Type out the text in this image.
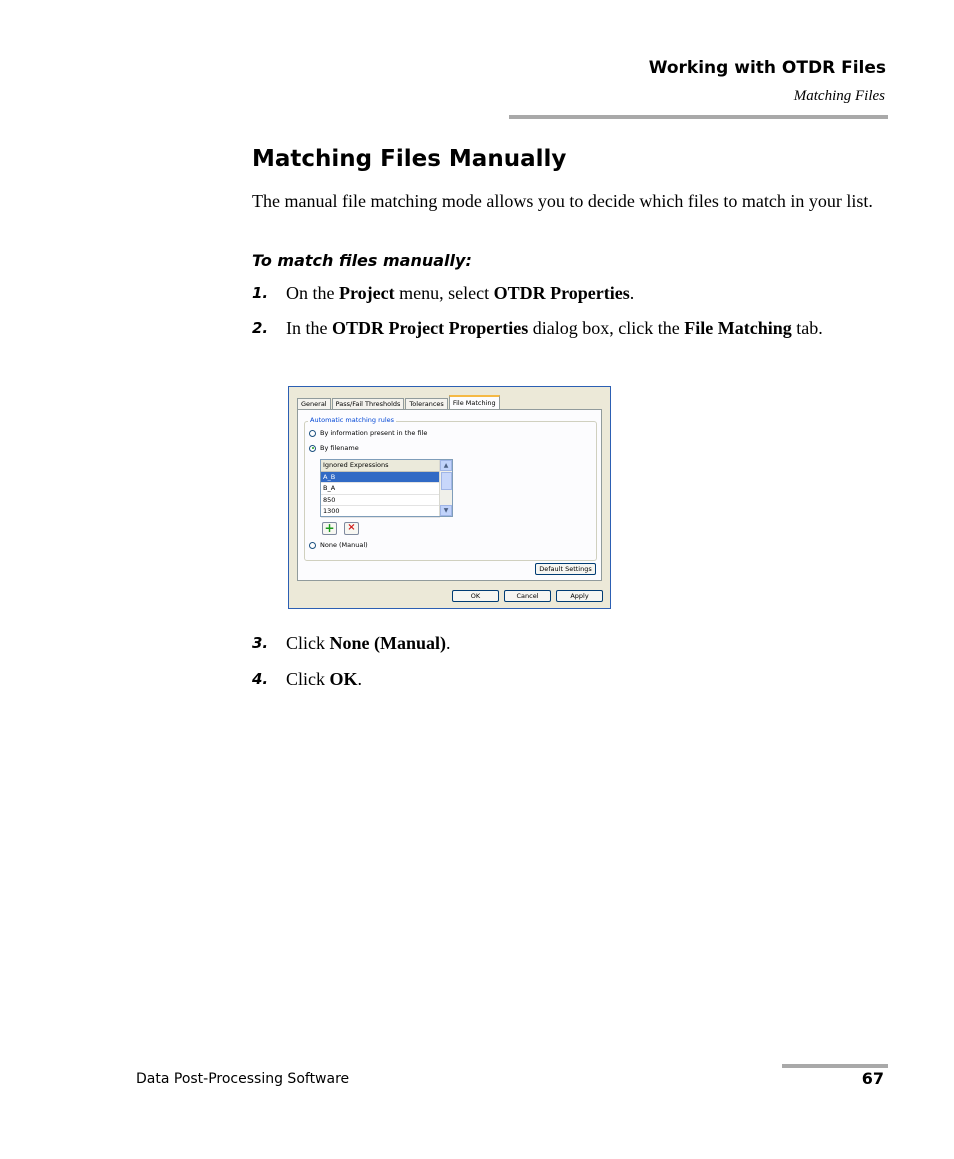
Working with OTDR Files
Matching Files
Matching Files Manually
The manual file matching mode allows you to decide which files to match in your list.
To match files manually:
1. On the Project menu, select OTDR Properties.
2. In the OTDR Project Properties dialog box, click the File Matching tab.
General	Pass/Fail Thresholds	Tolerances	File Matching
Automatic matching rules
By information present in the file
By filename
Ignored Expressions
A_B
B_A
850
1300
▲
▼
+	×
None (Manual)
Default Settings
OK	Cancel	Apply
3. Click None (Manual).
4. Click OK.
Data Post-Processing Software	67
